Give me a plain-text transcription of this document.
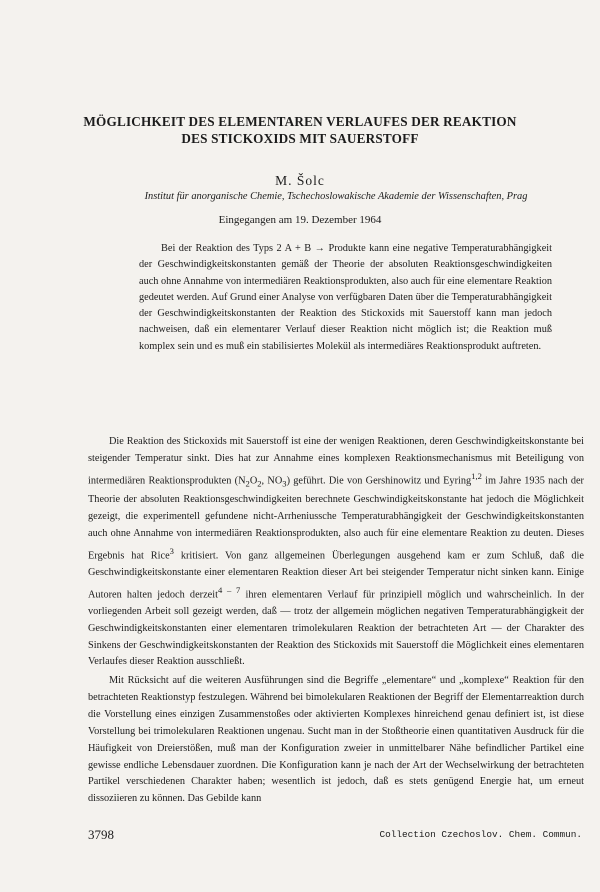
MÖGLICHKEIT DES ELEMENTAREN VERLAUFES DER REAKTION
DES STICKOXIDS MIT SAUERSTOFF
M. Šolc
Institut für anorganische Chemie, Tschechoslowakische Akademie der Wissenschaften, Prag
Eingegangen am 19. Dezember 1964

Bei der Reaktion des Typs 2 A + B → Produkte kann eine negative Temperaturabhängigkeit der Geschwindigkeitskonstanten gemäß der Theorie der absoluten Reaktionsgeschwindigkeiten auch ohne Annahme von intermediären Reaktionsprodukten, also auch für eine elementare Reaktion gedeutet werden. Auf Grund einer Analyse von verfügbaren Daten über die Temperaturabhängigkeit der Geschwindigkeitskonstanten der Reaktion des Stickoxids mit Sauerstoff kann man jedoch nachweisen, daß ein elementarer Verlauf dieser Reaktion nicht möglich ist; die Reaktion muß komplex sein und es muß ein stabilisiertes Molekül als intermediäres Reaktionsprodukt auftreten.

Die Reaktion des Stickoxids mit Sauerstoff ist eine der wenigen Reaktionen, deren Geschwindigkeitskonstante bei steigender Temperatur sinkt. Dies hat zur Annahme eines komplexen Reaktionsmechanismus mit Beteiligung von intermediären Reaktionsprodukten ($N_2O_2$, $NO_3$) geführt. Die von Gershinowitz und Eyring$^{1,2}$ im Jahre 1935 nach der Theorie der absoluten Reaktionsgeschwindigkeiten berechnete Geschwindigkeitskonstante hat jedoch die Möglichkeit gezeigt, die experimentell gefundene nicht-Arrheniussche Temperaturabhängigkeit der Geschwindigkeitskonstanten auch ohne Annahme von intermediären Reaktionsprodukten, also auch für eine elementare Reaktion zu deuten. Dieses Ergebnis hat Rice$^3$ kritisiert. Von ganz allgemeinen Überlegungen ausgehend kam er zum Schluß, daß die Geschwindigkeitskonstante einer elementaren Reaktion dieser Art bei steigender Temperatur nicht sinken kann. Einige Autoren halten jedoch derzeit$^{4 - 7}$ ihren elementaren Verlauf für prinzipiell möglich und wahrscheinlich. In der vorliegenden Arbeit soll gezeigt werden, daß — trotz der allgemein möglichen negativen Temperaturabhängigkeit der Geschwindigkeitskonstanten einer elementaren trimolekularen Reaktion der betrachteten Art — der Charakter des Sinkens der Geschwindigkeitskonstanten der Reaktion des Stickoxids mit Sauerstoff die Möglichkeit eines elementaren Verlaufes dieser Reaktion ausschließt.

Mit Rücksicht auf die weiteren Ausführungen sind die Begriffe „elementare“ und „komplexe“ Reaktion für den betrachteten Reaktionstyp festzulegen. Während bei bimolekularen Reaktionen der Begriff der Elementarreaktion durch die Vorstellung eines einzigen Zusammenstoßes oder aktivierten Komplexes hinreichend genau definiert ist, ist diese Vorstellung bei trimolekularen Reaktionen ungenau. Sucht man in der Stoßtheorie einen quantitativen Ausdruck für die Häufigkeit von Dreierstößen, muß man der Konfiguration zweier in unmittelbarer Nähe befindlicher Partikel eine gewisse endliche Lebensdauer zuordnen. Die Konfiguration kann je nach der Art der Wechselwirkung der betrachteten Partikel verschiedenen Charakter haben; wesentlich ist jedoch, daß es stets genügend Energie hat, um erneut dissoziieren zu können. Das Gebilde kann

3798	Collection Czechoslov. Chem. Commun.
